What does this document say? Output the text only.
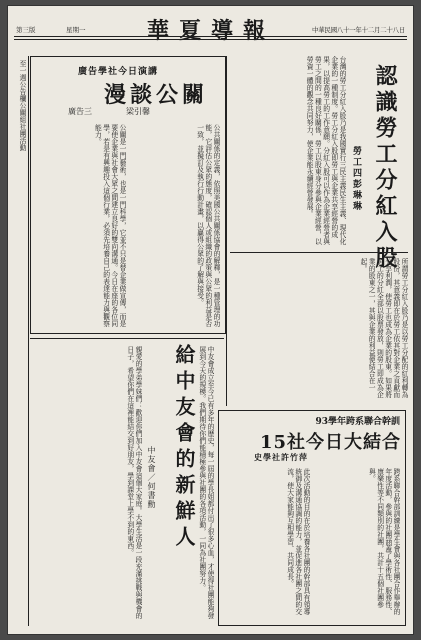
華夏導報
第三版	星期一	中華民國八十一年十二月二十八日
至一週公告欄公關組社團活動	廣告學社今日演講
漫談公關
廣告三	梁引馨
公共關係的定義，依照美國公共關係協會的解釋，是一種管理的功能，它評估公眾的態度，確認個人或組織的政策與公眾的利益是否一致，並擬訂及執行行動計畫，以贏得公眾的了解與接受。
公關是一門藝術，也是一門科學，它並不只是替企業做宣傳，而是要使企業與社會大眾之間建立良好的雙向溝通。今日在座的各位同學，若是有興趣投入這個行業，必須先培養自己的表達能力與觀察能力。	認識勞工分紅入股
勞工四彭琳琳
台灣的勞工分紅入股乃是我國實行三民主義民生主義、現代化企業的一種制度。勞工分紅入股即勞工與企業共享經營的成果，以提高勞工的工作意願。分紅入股可以作為企業經營者與勞工之間的一種良好關係，勞工以股東身分參與企業經營，以勞資一體的觀念共同努力，使企業能永續經營發展。
所謂勞工分紅入股乃是以勞工分配的紅利轉為股份，其意義即在於勞工依其對企業之貢獻而分享利潤，使勞工也成為企業的股東。如果將勞工的分紅全部以股票發放，則勞工即成為企業的股東之一，其與企業的利益便結合在一起。
給中友會的新鮮人
中友會／何書勳
親愛的學弟學妹們：歡迎你們加入中友會這個大家庭。大學生活是一段充滿挑戰與機會的日子，希望你們在這裡能結交到好朋友，學到課堂上學不到的東西。	中友會成立至今已有多年的歷史，每一屆的學長姐都付出了很多心血，才使得社團能夠發展到今天的規模。我們期待你們能積極參與社團的各項活動，一同為社團努力。	93學年跨系聯合幹訓
15社今日大結合
史學社許竹萍
跨系聯合幹部訓練是學生會與各社團合作舉辦的年度活動，參與的社團涵蓋了學術性、服務性、康樂性等不同類別的社團，共計十五個社團參與。
此次活動的目的在於培養各社團的幹部具有領導統御及溝通協調的能力，並促進各社團之間的交流，使大家能夠互相學習、共同成長。
